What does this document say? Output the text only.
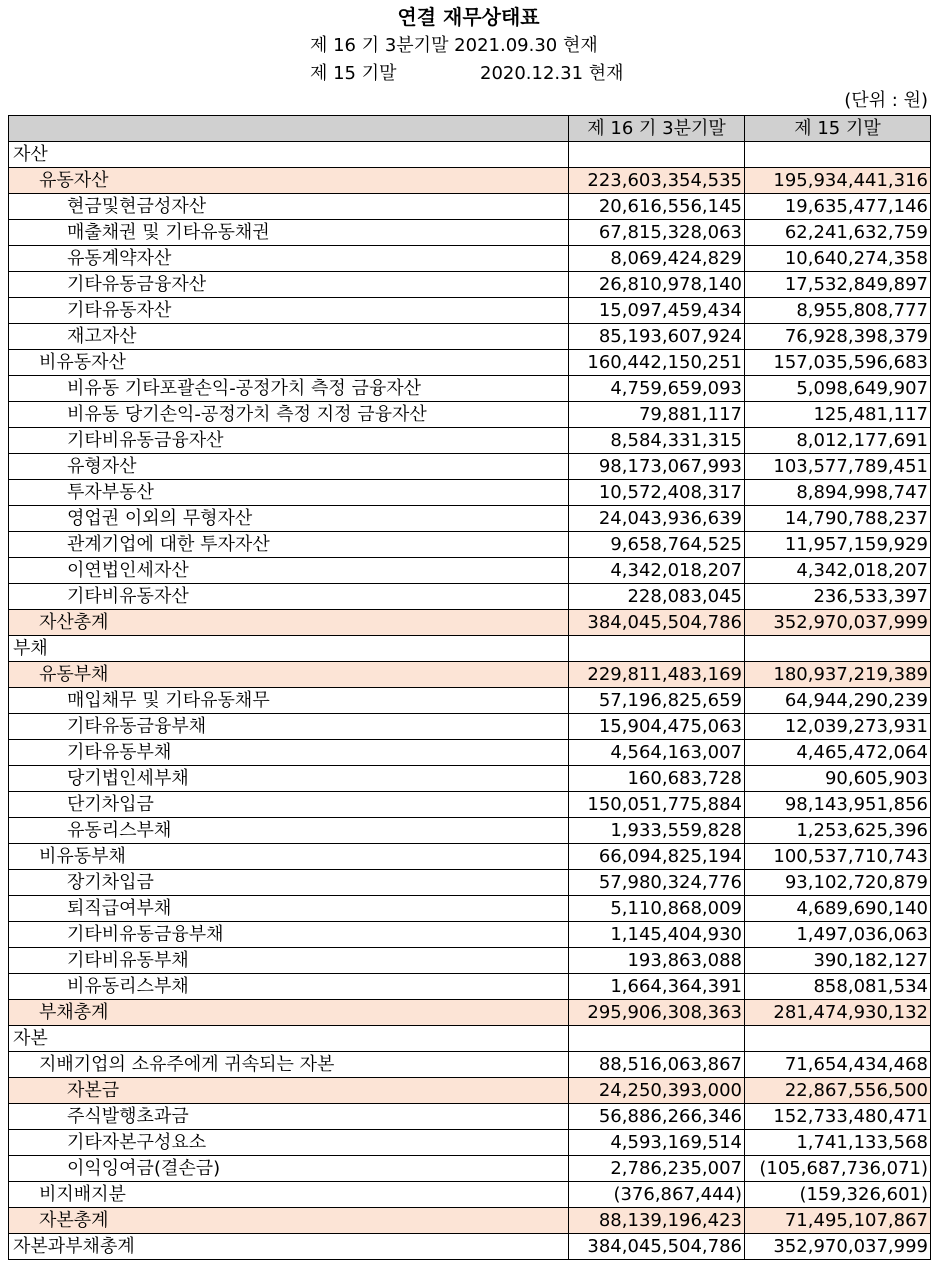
연결 재무상태표
제 16 기 3분기말 2021.09.30 현재
제 15 기말	2020.12.31 현재
(단위 : 원)
	제 16 기 3분기말	제 15 기말
자산		
유동자산	223,603,354,535	195,934,441,316
현금및현금성자산	20,616,556,145	19,635,477,146
매출채권 및 기타유동채권	67,815,328,063	62,241,632,759
유동계약자산	8,069,424,829	10,640,274,358
기타유동금융자산	26,810,978,140	17,532,849,897
기타유동자산	15,097,459,434	8,955,808,777
재고자산	85,193,607,924	76,928,398,379
비유동자산	160,442,150,251	157,035,596,683
비유동 기타포괄손익-공정가치 측정 금융자산	4,759,659,093	5,098,649,907
비유동 당기손익-공정가치 측정 지정 금융자산	79,881,117	125,481,117
기타비유동금융자산	8,584,331,315	8,012,177,691
유형자산	98,173,067,993	103,577,789,451
투자부동산	10,572,408,317	8,894,998,747
영업권 이외의 무형자산	24,043,936,639	14,790,788,237
관계기업에 대한 투자자산	9,658,764,525	11,957,159,929
이연법인세자산	4,342,018,207	4,342,018,207
기타비유동자산	228,083,045	236,533,397
자산총계	384,045,504,786	352,970,037,999
부채		
유동부채	229,811,483,169	180,937,219,389
매입채무 및 기타유동채무	57,196,825,659	64,944,290,239
기타유동금융부채	15,904,475,063	12,039,273,931
기타유동부채	4,564,163,007	4,465,472,064
당기법인세부채	160,683,728	90,605,903
단기차입금	150,051,775,884	98,143,951,856
유동리스부채	1,933,559,828	1,253,625,396
비유동부채	66,094,825,194	100,537,710,743
장기차입금	57,980,324,776	93,102,720,879
퇴직급여부채	5,110,868,009	4,689,690,140
기타비유동금융부채	1,145,404,930	1,497,036,063
기타비유동부채	193,863,088	390,182,127
비유동리스부채	1,664,364,391	858,081,534
부채총계	295,906,308,363	281,474,930,132
자본		
지배기업의 소유주에게 귀속되는 자본	88,516,063,867	71,654,434,468
자본금	24,250,393,000	22,867,556,500
주식발행초과금	56,886,266,346	152,733,480,471
기타자본구성요소	4,593,169,514	1,741,133,568
이익잉여금(결손금)	2,786,235,007	(105,687,736,071)
비지배지분	(376,867,444)	(159,326,601)
자본총계	88,139,196,423	71,495,107,867
자본과부채총계	384,045,504,786	352,970,037,999
